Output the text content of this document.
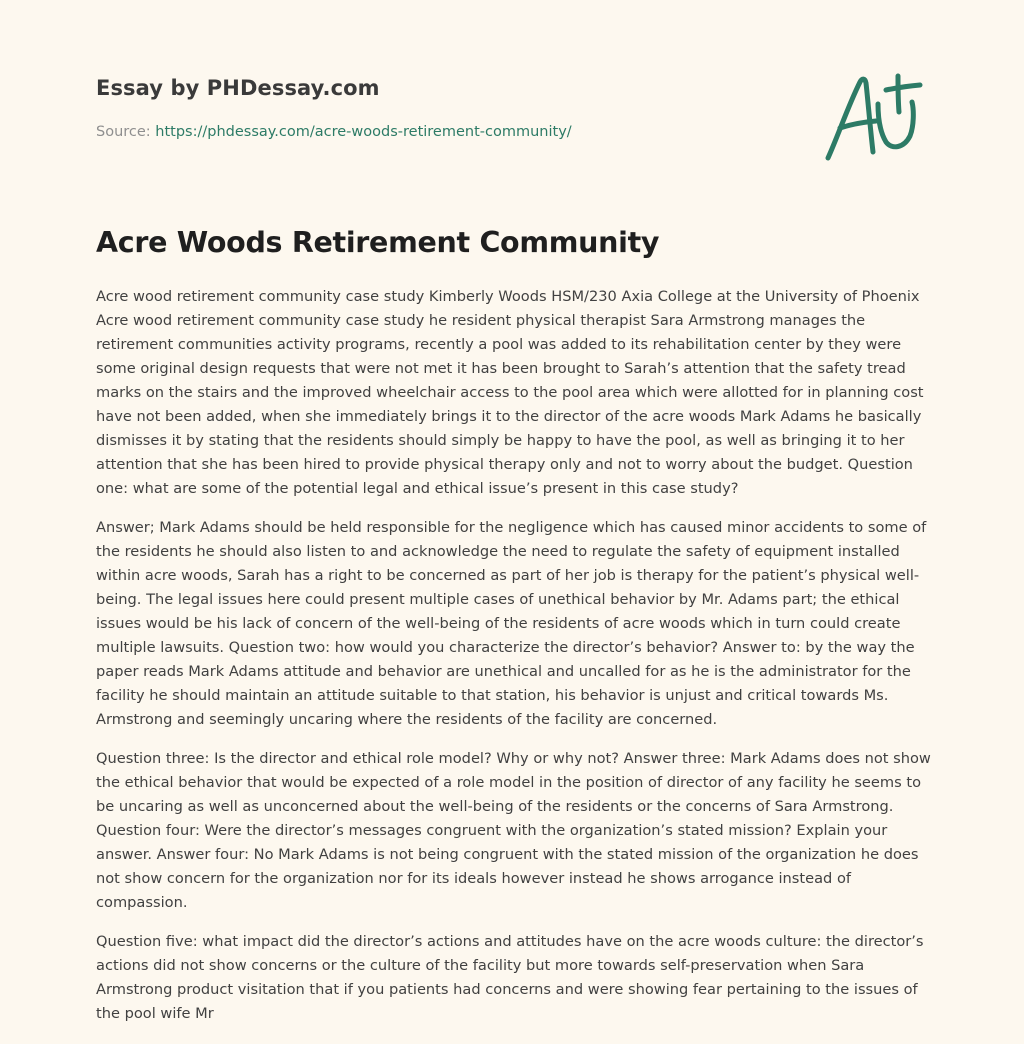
Essay by PHDessay.com
Source: https://phdessay.com/acre-woods-retirement-community/
Acre Woods Retirement Community

Acre wood retirement community case study Kimberly Woods HSM/230 Axia College at the University of Phoenix Acre wood retirement community case study he resident physical therapist Sara Armstrong manages the retirement communities activity programs, recently a pool was added to its rehabilitation center by they were some original design requests that were not met it has been brought to Sarah’s attention that the safety tread marks on the stairs and the improved wheelchair access to the pool area which were allotted for in planning cost have not been added, when she immediately brings it to the director of the acre woods Mark Adams he basically dismisses it by stating that the residents should simply be happy to have the pool, as well as bringing it to her attention that she has been hired to provide physical therapy only and not to worry about the budget. Question one: what are some of the potential legal and ethical issue’s present in this case study?

Answer; Mark Adams should be held responsible for the negligence which has caused minor accidents to some of the residents he should also listen to and acknowledge the need to regulate the safety of equipment installed within acre woods, Sarah has a right to be concerned as part of her job is therapy for the patient’s physical well-being. The legal issues here could present multiple cases of unethical behavior by Mr. Adams part; the ethical issues would be his lack of concern of the well-being of the residents of acre woods which in turn could create multiple lawsuits. Question two: how would you characterize the director’s behavior? Answer to: by the way the paper reads Mark Adams attitude and behavior are unethical and uncalled for as he is the administrator for the facility he should maintain an attitude suitable to that station, his behavior is unjust and critical towards Ms. Armstrong and seemingly uncaring where the residents of the facility are concerned.

Question three: Is the director and ethical role model? Why or why not? Answer three: Mark Adams does not show the ethical behavior that would be expected of a role model in the position of director of any facility he seems to be uncaring as well as unconcerned about the well-being of the residents or the concerns of Sara Armstrong. Question four: Were the director’s messages congruent with the organization’s stated mission? Explain your answer. Answer four: No Mark Adams is not being congruent with the stated mission of the organization he does not show concern for the organization nor for its ideals however instead he shows arrogance instead of compassion.

Question five: what impact did the director’s actions and attitudes have on the acre woods culture: the director’s actions did not show concerns or the culture of the facility but more towards self-preservation when Sara Armstrong product visitation that if you patients had concerns and were showing fear pertaining to the issues of the pool wife Mr
